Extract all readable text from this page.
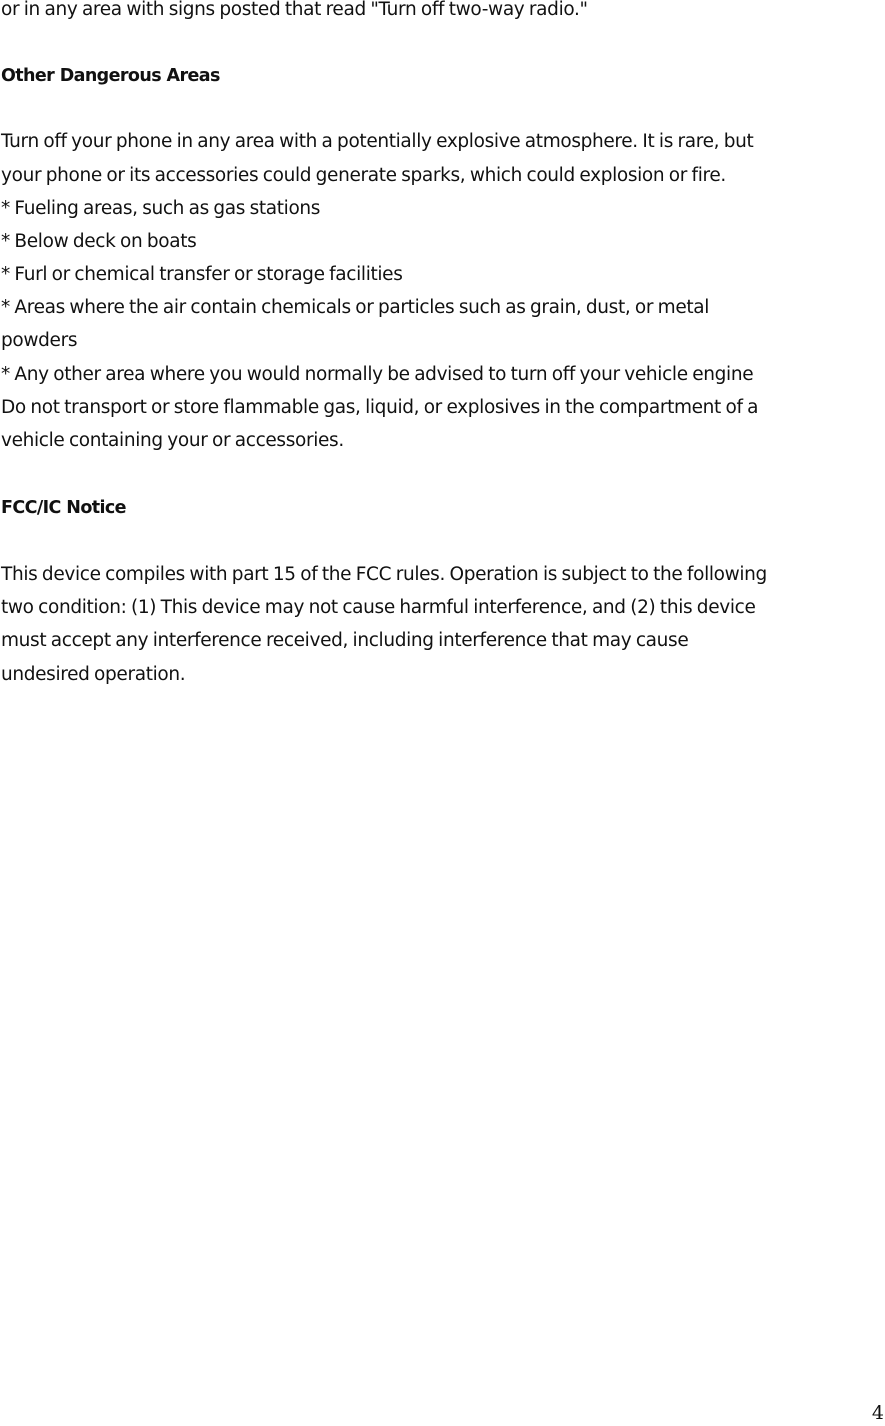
or in any area with signs posted that read "Turn off two-way radio."
Other Dangerous Areas
Turn off your phone in any area with a potentially explosive atmosphere. It is rare, but
your phone or its accessories could generate sparks, which could explosion or fire.
* Fueling areas, such as gas stations
* Below deck on boats
* Furl or chemical transfer or storage facilities
* Areas where the air contain chemicals or particles such as grain, dust, or metal
powders
* Any other area where you would normally be advised to turn off your vehicle engine
Do not transport or store flammable gas, liquid, or explosives in the compartment of a
vehicle containing your or accessories.
FCC/IC Notice
This device compiles with part 15 of the FCC rules. Operation is subject to the following
two condition: (1) This device may not cause harmful interference, and (2) this device
must accept any interference received, including interference that may cause
undesired operation.
4
